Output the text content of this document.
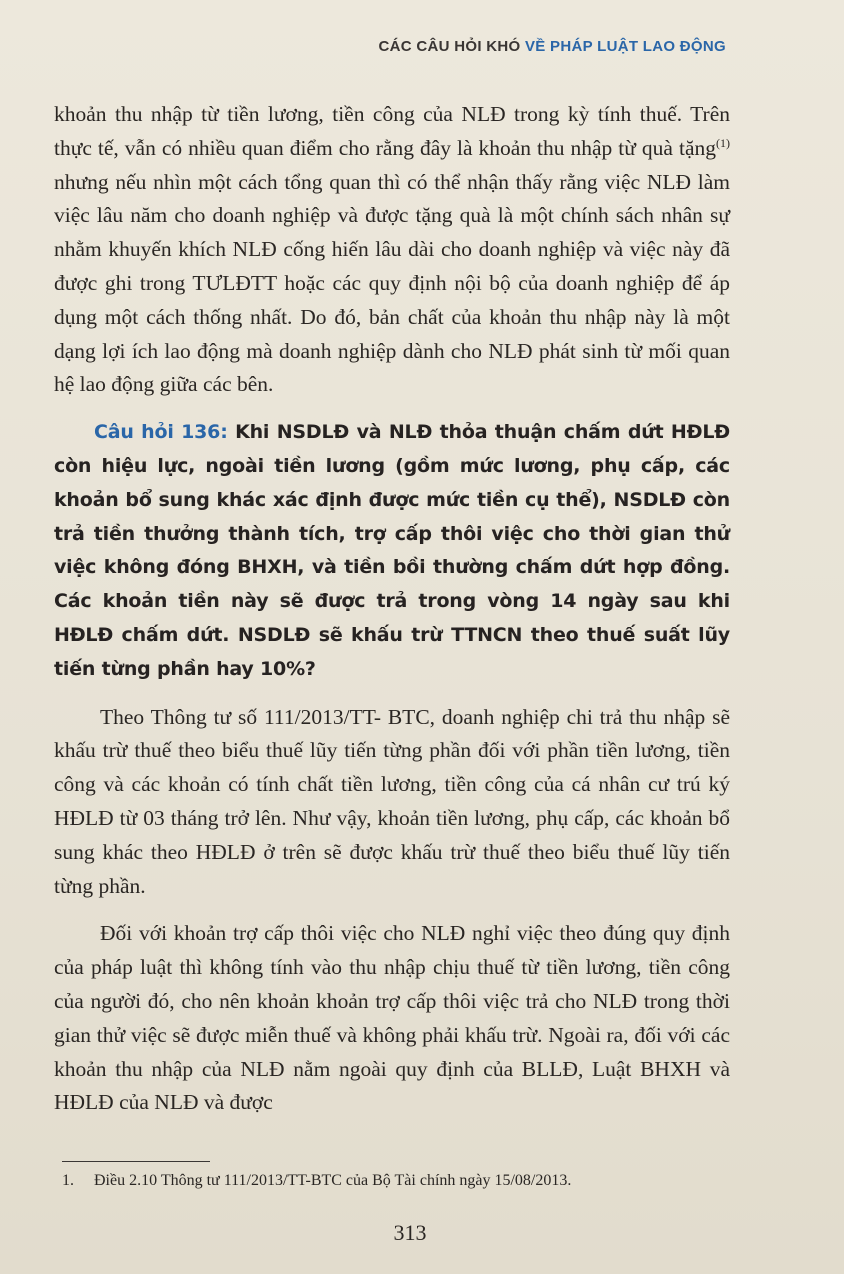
CÁC CÂU HỎI KHÓ VỀ PHÁP LUẬT LAO ĐỘNG

khoản thu nhập từ tiền lương, tiền công của NLĐ trong kỳ tính thuế. Trên thực tế, vẫn có nhiều quan điểm cho rằng đây là khoản thu nhập từ quà tặng$^{(1)}$ nhưng nếu nhìn một cách tổng quan thì có thể nhận thấy rằng việc NLĐ làm việc lâu năm cho doanh nghiệp và được tặng quà là một chính sách nhân sự nhằm khuyến khích NLĐ cống hiến lâu dài cho doanh nghiệp và việc này đã được ghi trong TƯLĐTT hoặc các quy định nội bộ của doanh nghiệp để áp dụng một cách thống nhất. Do đó, bản chất của khoản thu nhập này là một dạng lợi ích lao động mà doanh nghiệp dành cho NLĐ phát sinh từ mối quan hệ lao động giữa các bên.

Câu hỏi 136: Khi NSDLĐ và NLĐ thỏa thuận chấm dứt HĐLĐ còn hiệu lực, ngoài tiền lương (gồm mức lương, phụ cấp, các khoản bổ sung khác xác định được mức tiền cụ thể), NSDLĐ còn trả tiền thưởng thành tích, trợ cấp thôi việc cho thời gian thử việc không đóng BHXH, và tiền bồi thường chấm dứt hợp đồng. Các khoản tiền này sẽ được trả trong vòng 14 ngày sau khi HĐLĐ chấm dứt. NSDLĐ sẽ khấu trừ TTNCN theo thuế suất lũy tiến từng phần hay 10%?

Theo Thông tư số 111/2013/TT- BTC, doanh nghiệp chi trả thu nhập sẽ khấu trừ thuế theo biểu thuế lũy tiến từng phần đối với phần tiền lương, tiền công và các khoản có tính chất tiền lương, tiền công của cá nhân cư trú ký HĐLĐ từ 03 tháng trở lên. Như vậy, khoản tiền lương, phụ cấp, các khoản bổ sung khác theo HĐLĐ ở trên sẽ được khấu trừ thuế theo biểu thuế lũy tiến từng phần.

Đối với khoản trợ cấp thôi việc cho NLĐ nghỉ việc theo đúng quy định của pháp luật thì không tính vào thu nhập chịu thuế từ tiền lương, tiền công của người đó, cho nên khoản khoản trợ cấp thôi việc trả cho NLĐ trong thời gian thử việc sẽ được miễn thuế và không phải khấu trừ. Ngoài ra, đối với các khoản thu nhập của NLĐ nằm ngoài quy định của BLLĐ, Luật BHXH và HĐLĐ của NLĐ và được

1. Điều 2.10 Thông tư 111/2013/TT-BTC của Bộ Tài chính ngày 15/08/2013.
313
